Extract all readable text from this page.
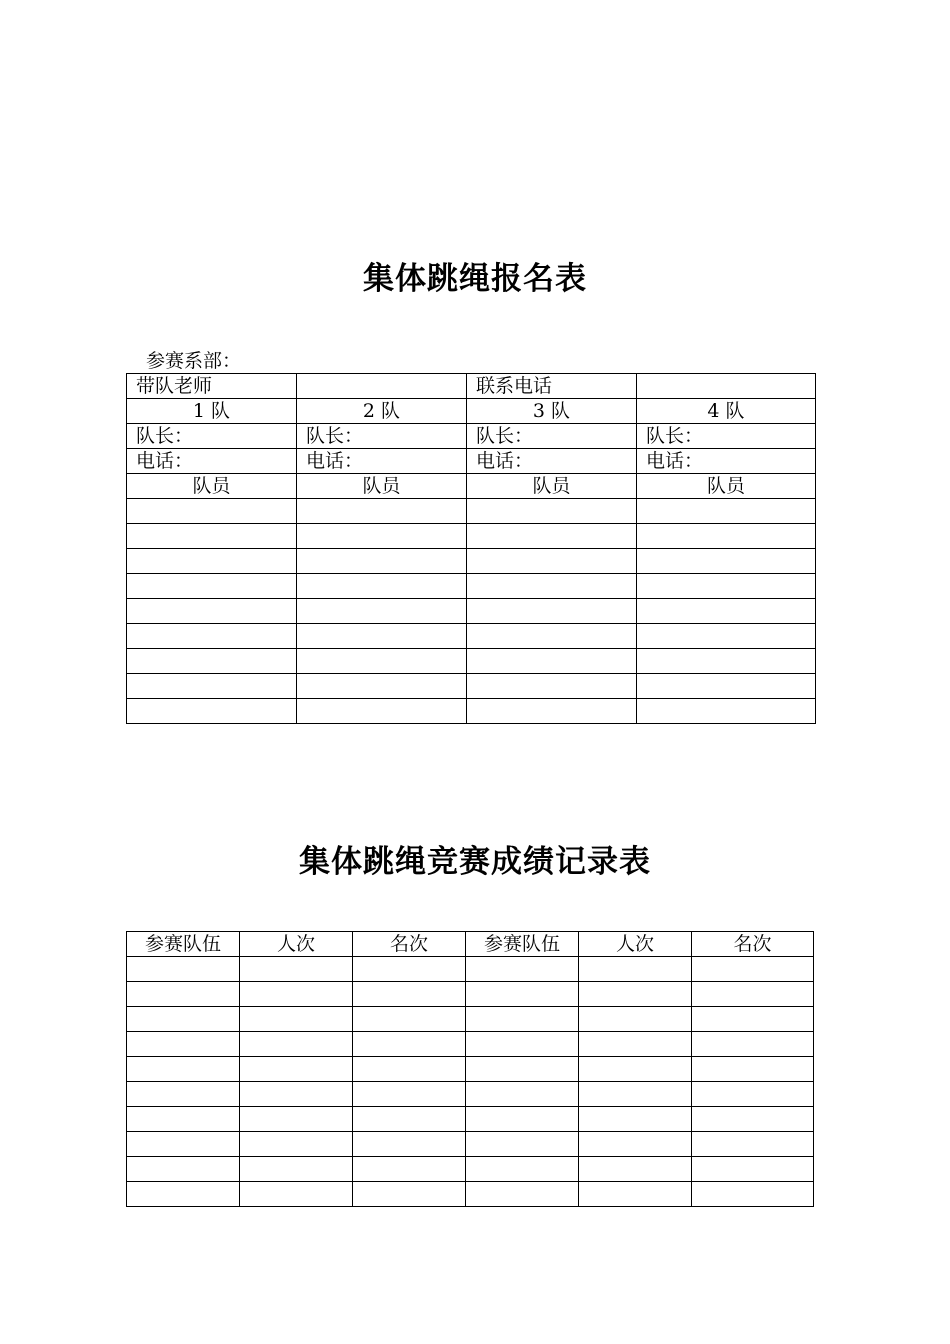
集体跳绳报名表
参赛系部：
带队老师		联系电话	
1 队	2 队	3 队	4 队
队长：	队长：	队长：	队长：
电话：	电话：	电话：	电话：
队员	队员	队员	队员

集体跳绳竞赛成绩记录表
参赛队伍	人次	名次	参赛队伍	人次	名次
